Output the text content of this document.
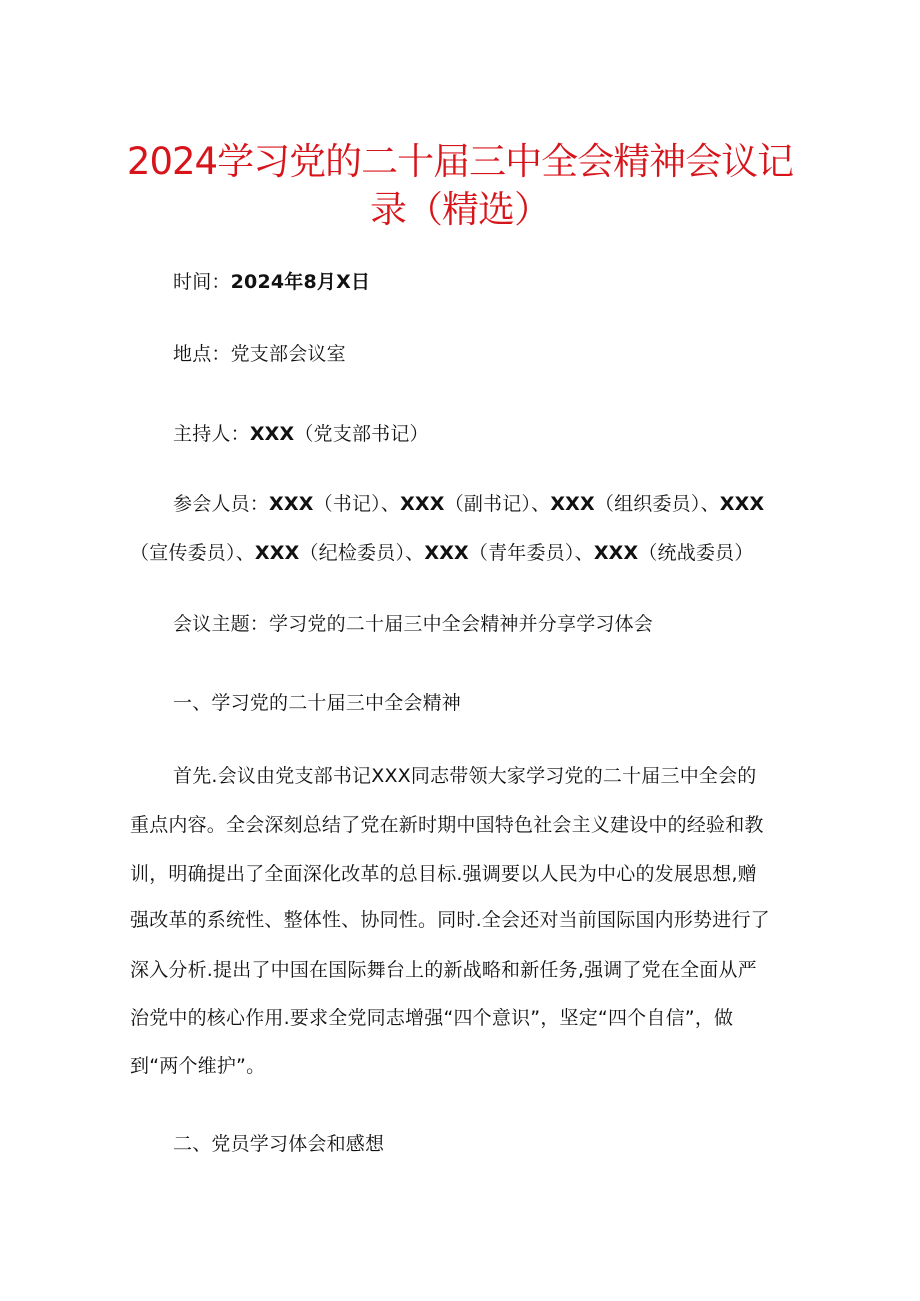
2024学习党的二十届三中全会精神会议记
录（精选）
时间：2024年8月X日
地点：党支部会议室
主持人：XXX（党支部书记）
参会人员：XXX（书记）、XXX（副书记）、XXX（组织委员）、XXX
（宣传委员）、XXX（纪检委员）、XXX（青年委员）、XXX（统战委员）
会议主题：学习党的二十届三中全会精神并分享学习体会
一、学习党的二十届三中全会精神
首先.会议由党支部书记XXX同志带领大家学习党的二十届三中全会的
重点内容。全会深刻总结了党在新时期中国特色社会主义建设中的经验和教
训，明确提出了全面深化改革的总目标.强调要以人民为中心的发展思想,赠
强改革的系统性、整体性、协同性。同时.全会还对当前国际国内形势进行了
深入分析.提出了中国在国际舞台上的新战略和新任务,强调了党在全面从严
治党中的核心作用.要求全党同志增强“四个意识”，坚定“四个自信”，做
到“两个维护”。
二、党员学习体会和感想
